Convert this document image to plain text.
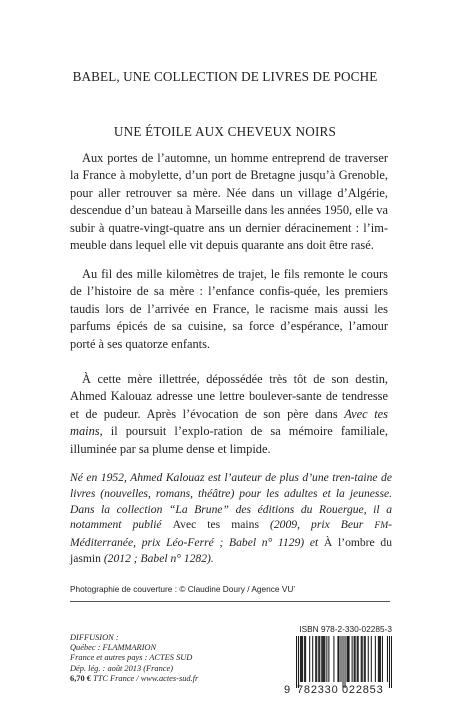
BABEL, UNE COLLECTION DE LIVRES DE POCHE
UNE ÉTOILE AUX CHEVEUX NOIRS

Aux portes de l’automne, un homme entreprend de traverser la France à mobylette, d’un port de Bretagne jusqu’à Grenoble, pour aller retrouver sa mère. Née dans un village d’Algérie, descendue d’un bateau à Marseille dans les années 1950, elle va subir à quatre-vingt-quatre ans un dernier déracinement : l’im-meuble dans lequel elle vit depuis quarante ans doit être rasé.

Au fil des mille kilomètres de trajet, le fils remonte le cours de l’histoire de sa mère : l’enfance confis-quée, les premiers taudis lors de l’arrivée en France, le racisme mais aussi les parfums épicés de sa cuisine, sa force d’espérance, l’amour porté à ses quatorze enfants.

À cette mère illettrée, dépossédée très tôt de son destin, Ahmed Kalouaz adresse une lettre boulever-sante de tendresse et de pudeur. Après l’évocation de son père dans Avec tes mains, il poursuit l’explo-ration de sa mémoire familiale, illuminée par sa plume dense et limpide.

Né en 1952, Ahmed Kalouaz est l’auteur de plus d’une tren-taine de livres (nouvelles, romans, théâtre) pour les adultes et la jeunesse. Dans la collection “La Brune” des éditions du Rouergue, il a notamment publié Avec tes mains (2009, prix Beur FM-Méditerranée, prix Léo-Ferré ; Babel n° 1129) et À l’ombre du jasmin (2012 ; Babel n° 1282).

Photographie de couverture : © Claudine Doury / Agence VU’
ISBN 978-2-330-02285-3
DIFFUSION :
Québec : FLAMMARION
France et autres pays : ACTES SUD
Dép. lég. : août 2013 (France)
6,70 € TTC France / www.actes-sud.fr
9 782330 022853
